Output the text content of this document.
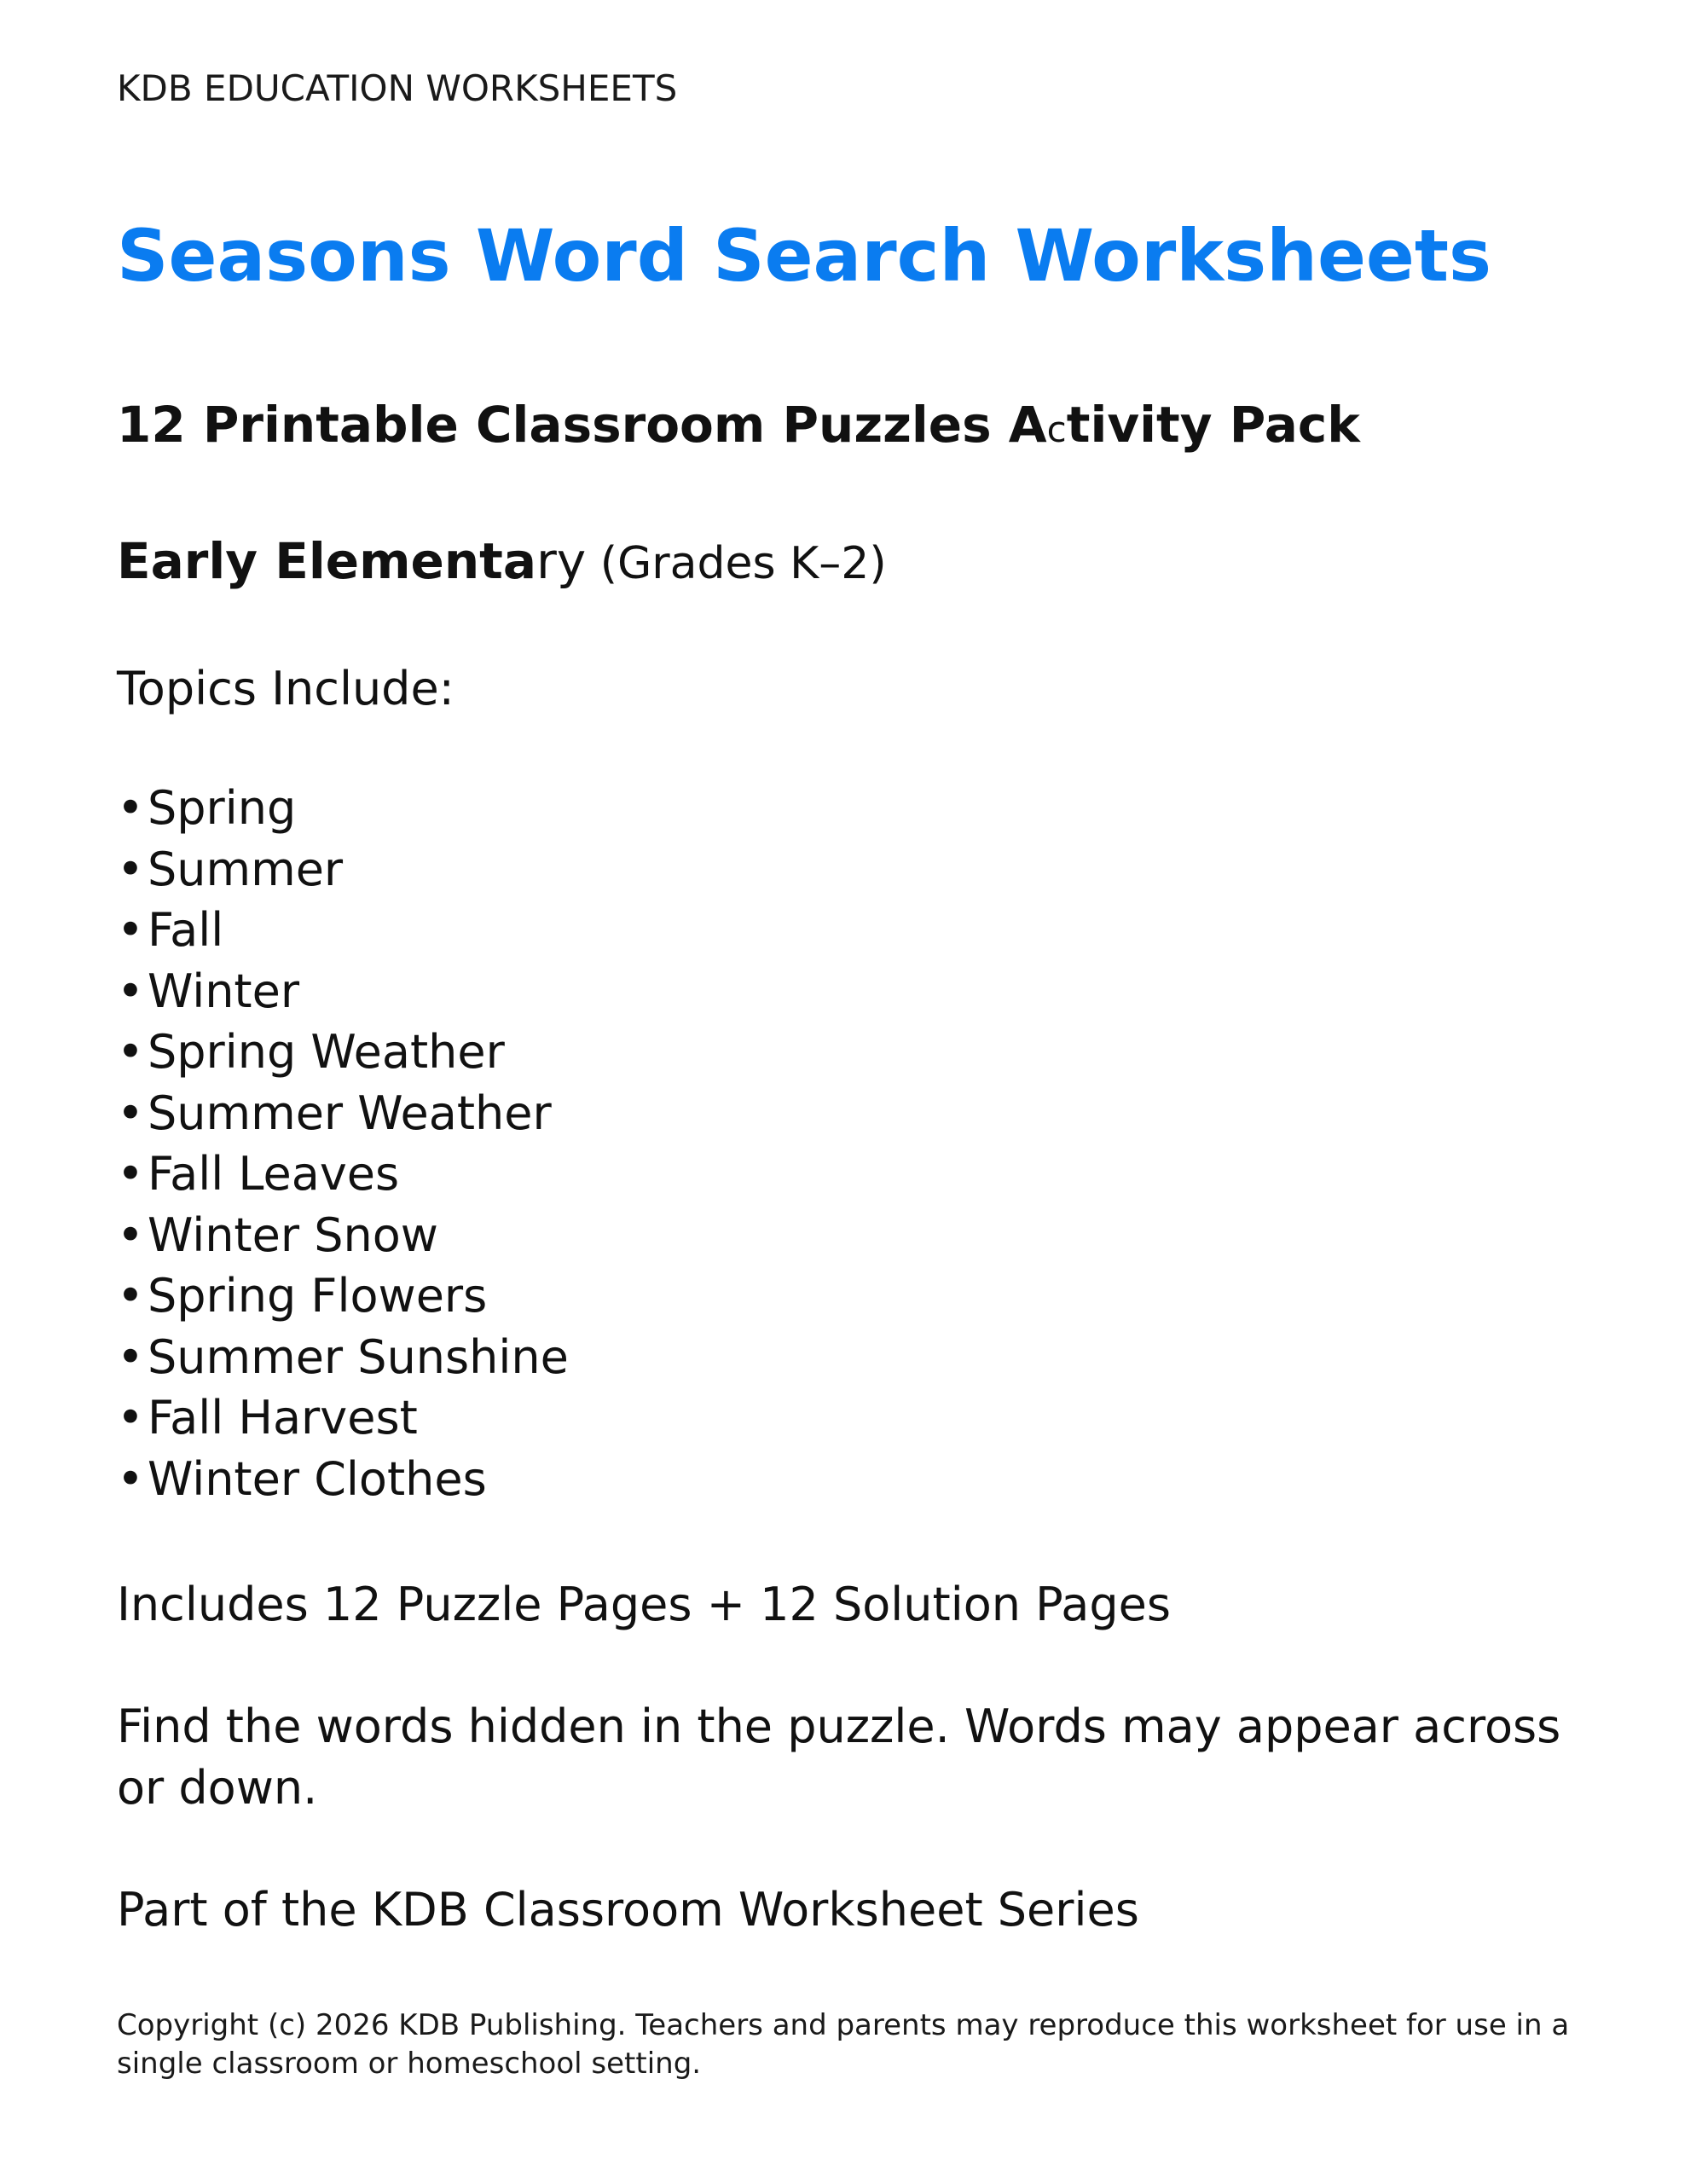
KDB EDUCATION WORKSHEETS

Seasons Word Search Worksheets
12 Printable Classroom Puzzles Activity Pack

Early Elementary (Grades K–2)

Topics Include:

•Spring
•Summer
•Fall
•Winter
•Spring Weather
•Summer Weather
•Fall Leaves
•Winter Snow
•Spring Flowers
•Summer Sunshine
•Fall Harvest
•Winter Clothes

Includes 12 Puzzle Pages + 12 Solution Pages

Find the words hidden in the puzzle. Words may appear across or down.

Part of the KDB Classroom Worksheet Series

Copyright (c) 2026 KDB Publishing. Teachers and parents may reproduce this worksheet for use in a single classroom or homeschool setting.
